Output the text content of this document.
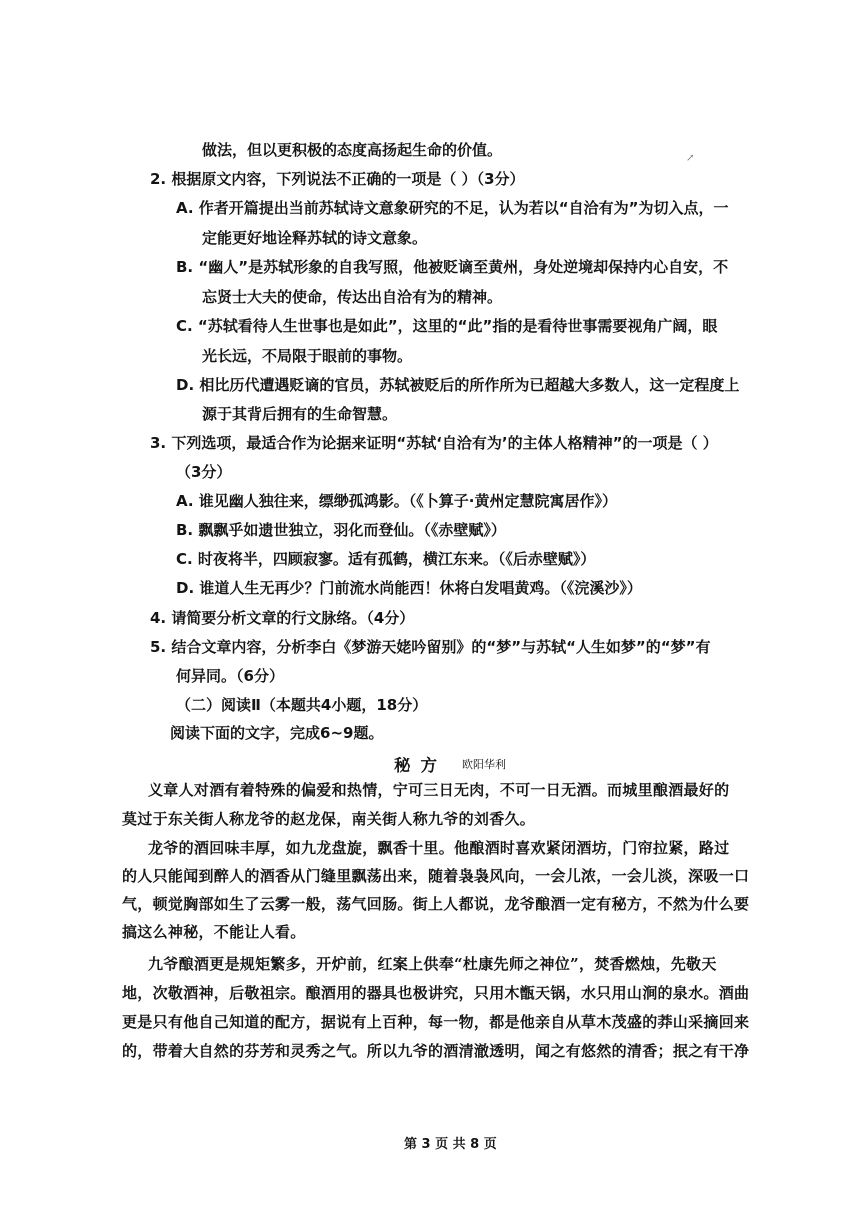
做法，但以更积极的态度高扬起生命的价值。
2. 根据原文内容，下列说法不正确的一项是（ ）（3分）
A. 作者开篇提出当前苏轼诗文意象研究的不足，认为若以“自洽有为”为切入点，一
定能更好地诠释苏轼的诗文意象。
B. “幽人”是苏轼形象的自我写照，他被贬谪至黄州，身处逆境却保持内心自安，不
忘贤士大夫的使命，传达出自洽有为的精神。
C. “苏轼看待人生世事也是如此”，这里的“此”指的是看待世事需要视角广阔，眼
光长远，不局限于眼前的事物。
D. 相比历代遭遇贬谪的官员，苏轼被贬后的所作所为已超越大多数人，这一定程度上
源于其背后拥有的生命智慧。
3. 下列选项，最适合作为论据来证明“苏轼‘自洽有为’的主体人格精神”的一项是（ ）
（3分）
A. 谁见幽人独往来，缥缈孤鸿影。（《卜算子·黄州定慧院寓居作》）
B. 飘飘乎如遗世独立，羽化而登仙。（《赤壁赋》）
C. 时夜将半，四顾寂寥。适有孤鹤，横江东来。（《后赤壁赋》）
D. 谁道人生无再少？门前流水尚能西！休将白发唱黄鸡。（《浣溪沙》）
4. 请简要分析文章的行文脉络。（4分）
5. 结合文章内容，分析李白《梦游天姥吟留别》的“梦”与苏轼“人生如梦”的“梦”有
何异同。（6分）
（二）阅读Ⅱ（本题共4小题，18分）
阅读下面的文字，完成6~9题。
秘方 欧阳华利
义章人对酒有着特殊的偏爱和热情，宁可三日无肉，不可一日无酒。而城里酿酒最好的
莫过于东关街人称龙爷的赵龙保，南关街人称九爷的刘香久。
龙爷的酒回味丰厚，如九龙盘旋，飘香十里。他酿酒时喜欢紧闭酒坊，门帘拉紧，路过
的人只能闻到醉人的酒香从门缝里飘荡出来，随着袅袅风向，一会儿浓，一会儿淡，深吸一口
气，顿觉胸部如生了云雾一般，荡气回肠。街上人都说，龙爷酿酒一定有秘方，不然为什么要
搞这么神秘，不能让人看。
九爷酿酒更是规矩繁多，开炉前，红案上供奉“杜康先师之神位”，焚香燃烛，先敬天
地，次敬酒神，后敬祖宗。酿酒用的器具也极讲究，只用木甑天锅，水只用山涧的泉水。酒曲
更是只有他自己知道的配方，据说有上百种，每一物，都是他亲自从草木茂盛的莽山采摘回来
的，带着大自然的芬芳和灵秀之气。所以九爷的酒清澈透明，闻之有悠然的清香；抿之有干净
第 3 页 共 8 页
↗
